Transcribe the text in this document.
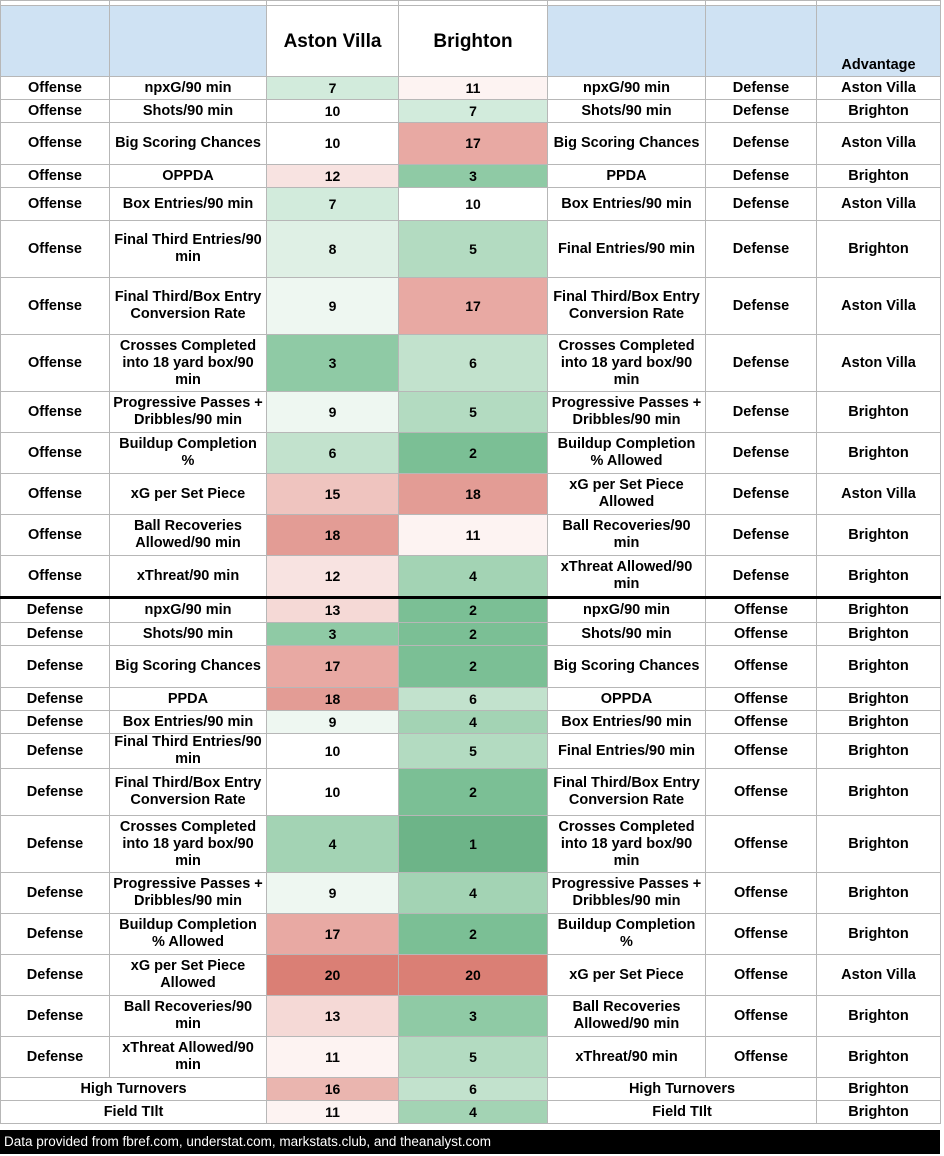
		Aston Villa	Brighton			Advantage
Offense	npxG/90 min	7	11	npxG/90 min	Defense	Aston Villa
Offense	Shots/90 min	10	7	Shots/90 min	Defense	Brighton
Offense	Big Scoring Chances	10	17	Big Scoring Chances	Defense	Aston Villa
Offense	OPPDA	12	3	PPDA	Defense	Brighton
Offense	Box Entries/90 min	7	10	Box Entries/90 min	Defense	Aston Villa
Offense	Final Third Entries/90 min	8	5	Final Entries/90 min	Defense	Brighton
Offense	Final Third/Box Entry Conversion Rate	9	17	Final Third/Box Entry Conversion Rate	Defense	Aston Villa
Offense	Crosses Completed into 18 yard box/90 min	3	6	Crosses Completed into 18 yard box/90 min	Defense	Aston Villa
Offense	Progressive Passes + Dribbles/90 min	9	5	Progressive Passes + Dribbles/90 min	Defense	Brighton
Offense	Buildup Completion %	6	2	Buildup Completion % Allowed	Defense	Brighton
Offense	xG per Set Piece	15	18	xG per Set Piece Allowed	Defense	Aston Villa
Offense	Ball Recoveries Allowed/90 min	18	11	Ball Recoveries/90 min	Defense	Brighton
Offense	xThreat/90 min	12	4	xThreat Allowed/90 min	Defense	Brighton
Defense	npxG/90 min	13	2	npxG/90 min	Offense	Brighton
Defense	Shots/90 min	3	2	Shots/90 min	Offense	Brighton
Defense	Big Scoring Chances	17	2	Big Scoring Chances	Offense	Brighton
Defense	PPDA	18	6	OPPDA	Offense	Brighton
Defense	Box Entries/90 min	9	4	Box Entries/90 min	Offense	Brighton
Defense	Final Third Entries/90 min	10	5	Final Entries/90 min	Offense	Brighton
Defense	Final Third/Box Entry Conversion Rate	10	2	Final Third/Box Entry Conversion Rate	Offense	Brighton
Defense	Crosses Completed into 18 yard box/90 min	4	1	Crosses Completed into 18 yard box/90 min	Offense	Brighton
Defense	Progressive Passes + Dribbles/90 min	9	4	Progressive Passes + Dribbles/90 min	Offense	Brighton
Defense	Buildup Completion % Allowed	17	2	Buildup Completion %	Offense	Brighton
Defense	xG per Set Piece Allowed	20	20	xG per Set Piece	Offense	Aston Villa
Defense	Ball Recoveries/90 min	13	3	Ball Recoveries Allowed/90 min	Offense	Brighton
Defense	xThreat Allowed/90 min	11	5	xThreat/90 min	Offense	Brighton
High Turnovers		16	6	High Turnovers		Brighton
Field TIlt		11	4	Field TIlt		Brighton
Data provided from fbref.com, understat.com, markstats.club, and theanalyst.com
